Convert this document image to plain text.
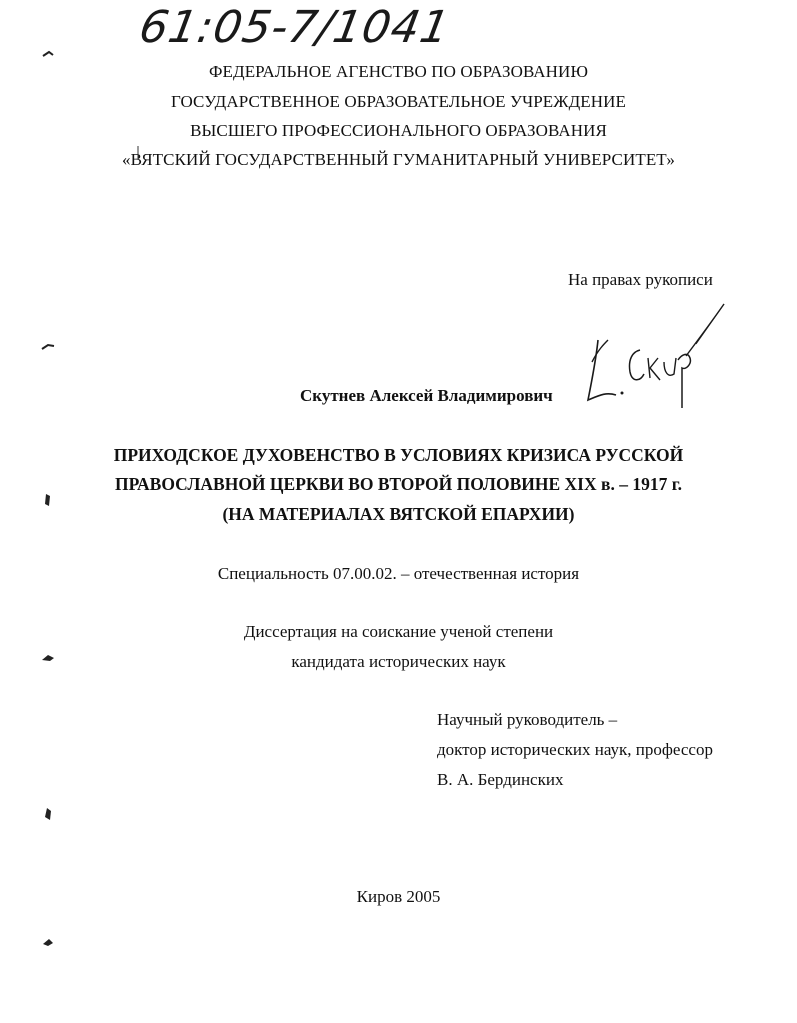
61:05-7/1041
ФЕДЕРАЛЬНОЕ АГЕНСТВО ПО ОБРАЗОВАНИЮ
ГОСУДАРСТВЕННОЕ ОБРАЗОВАТЕЛЬНОЕ УЧРЕЖДЕНИЕ
ВЫСШЕГО ПРОФЕССИОНАЛЬНОГО ОБРАЗОВАНИЯ
«ВЯТСКИЙ ГОСУДАРСТВЕННЫЙ ГУМАНИТАРНЫЙ УНИВЕРСИТЕТ»
На правах рукописи
Скутнев Алексей Владимирович
ПРИХОДСКОЕ ДУХОВЕНСТВО В УСЛОВИЯХ КРИЗИСА РУССКОЙ
ПРАВОСЛАВНОЙ ЦЕРКВИ ВО ВТОРОЙ ПОЛОВИНЕ XIX в. – 1917 г.
(НА МАТЕРИАЛАХ ВЯТСКОЙ ЕПАРХИИ)
Специальность 07.00.02. – отечественная история
Диссертация на соискание ученой степени
кандидата исторических наук
Научный руководитель –
доктор исторических наук, профессор
В. А. Бердинских
Киров 2005
